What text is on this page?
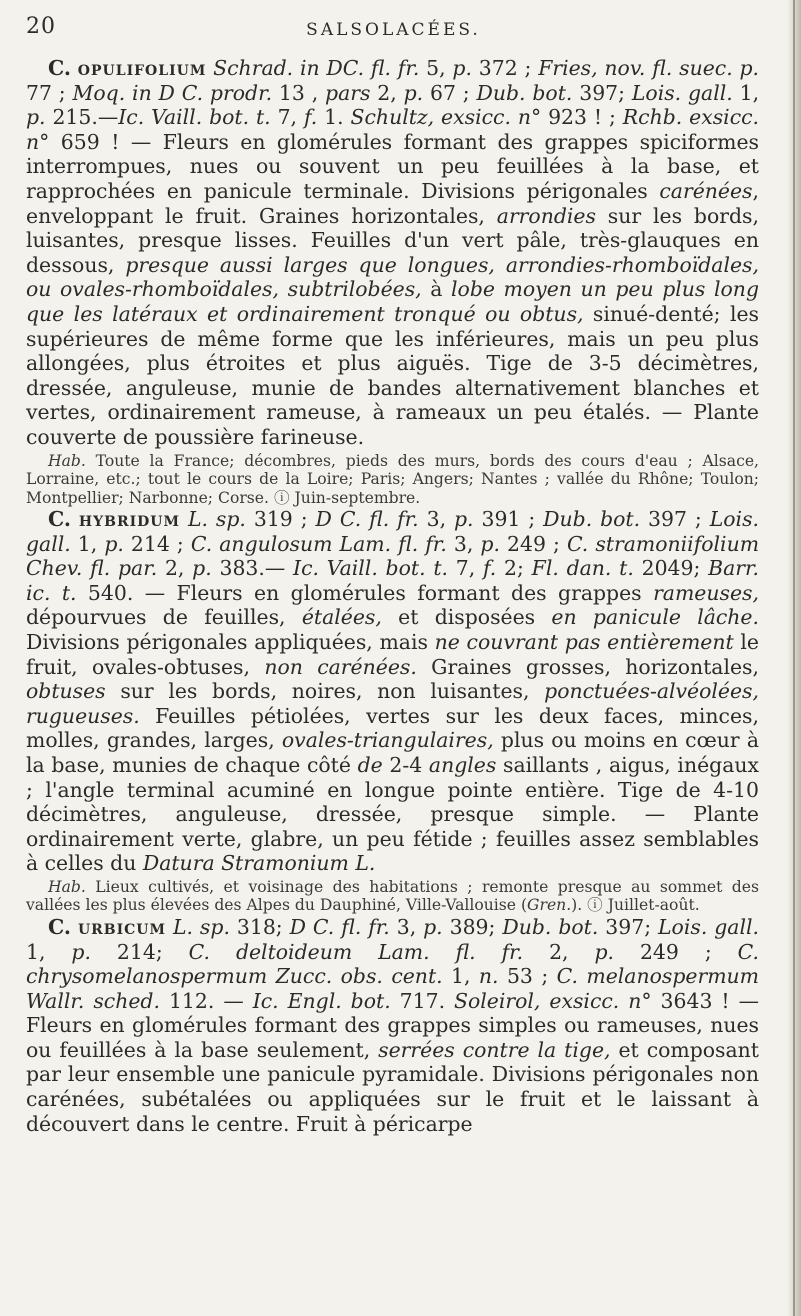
20	SALSOLACÉES.

C. opulifolium Schrad. in DC. fl. fr. 5, p. 372 ; Fries, nov. fl. suec. p. 77 ; Moq. in D C. prodr. 13 , pars 2, p. 67 ; Dub. bot. 397; Lois. gall. 1, p. 215.—Ic. Vaill. bot. t. 7, f. 1. Schultz, exsicc. n° 923 ! ; Rchb. exsicc. n° 659 ! — Fleurs en glomérules formant des grappes spiciformes interrompues, nues ou souvent un peu feuillées à la base, et rapprochées en panicule terminale. Divisions périgonales carénées, enveloppant le fruit. Graines horizontales, arrondies sur les bords, luisantes, presque lisses. Feuilles d'un vert pâle, très-glauques en dessous, presque aussi larges que longues, arrondies-rhomboïdales, ou ovales-rhomboïdales, subtrilobées, à lobe moyen un peu plus long que les latéraux et ordinairement tronqué ou obtus, sinué-denté; les supérieures de même forme que les inférieures, mais un peu plus allongées, plus étroites et plus aiguës. Tige de 3-5 décimètres, dressée, anguleuse, munie de bandes alternativement blanches et vertes, ordinairement rameuse, à rameaux un peu étalés. — Plante couverte de poussière farineuse.

Hab. Toute la France; décombres, pieds des murs, bords des cours d'eau ; Alsace, Lorraine, etc.; tout le cours de la Loire; Paris; Angers; Nantes ; vallée du Rhône; Toulon; Montpellier; Narbonne; Corse. ⓘ Juin-septembre.

C. hybridum L. sp. 319 ; D C. fl. fr. 3, p. 391 ; Dub. bot. 397 ; Lois. gall. 1, p. 214 ; C. angulosum Lam. fl. fr. 3, p. 249 ; C. stramoniifolium Chev. fl. par. 2, p. 383.— Ic. Vaill. bot. t. 7, f. 2; Fl. dan. t. 2049; Barr. ic. t. 540. — Fleurs en glomérules formant des grappes rameuses, dépourvues de feuilles, étalées, et disposées en panicule lâche. Divisions périgonales appliquées, mais ne couvrant pas entièrement le fruit, ovales-obtuses, non carénées. Graines grosses, horizontales, obtuses sur les bords, noires, non luisantes, ponctuées-alvéolées, rugueuses. Feuilles pétiolées, vertes sur les deux faces, minces, molles, grandes, larges, ovales-triangulaires, plus ou moins en cœur à la base, munies de chaque côté de 2-4 angles saillants , aigus, inégaux ; l'angle terminal acuminé en longue pointe entière. Tige de 4-10 décimètres, anguleuse, dressée, presque simple. — Plante ordinairement verte, glabre, un peu fétide ; feuilles assez semblables à celles du Datura Stramonium L.

Hab. Lieux cultivés, et voisinage des habitations ; remonte presque au sommet des vallées les plus élevées des Alpes du Dauphiné, Ville-Vallouise (Gren.). ⓘ Juillet-août.

C. urbicum L. sp. 318; D C. fl. fr. 3, p. 389; Dub. bot. 397; Lois. gall. 1, p. 214; C. deltoideum Lam. fl. fr. 2, p. 249 ; C. chrysomelanospermum Zucc. obs. cent. 1, n. 53 ; C. melanospermum Wallr. sched. 112. — Ic. Engl. bot. 717. Soleirol, exsicc. n° 3643 ! — Fleurs en glomérules formant des grappes simples ou rameuses, nues ou feuillées à la base seulement, serrées contre la tige, et composant par leur ensemble une panicule pyramidale. Divisions périgonales non carénées, subétalées ou appliquées sur le fruit et le laissant à découvert dans le centre. Fruit à péricarpe
